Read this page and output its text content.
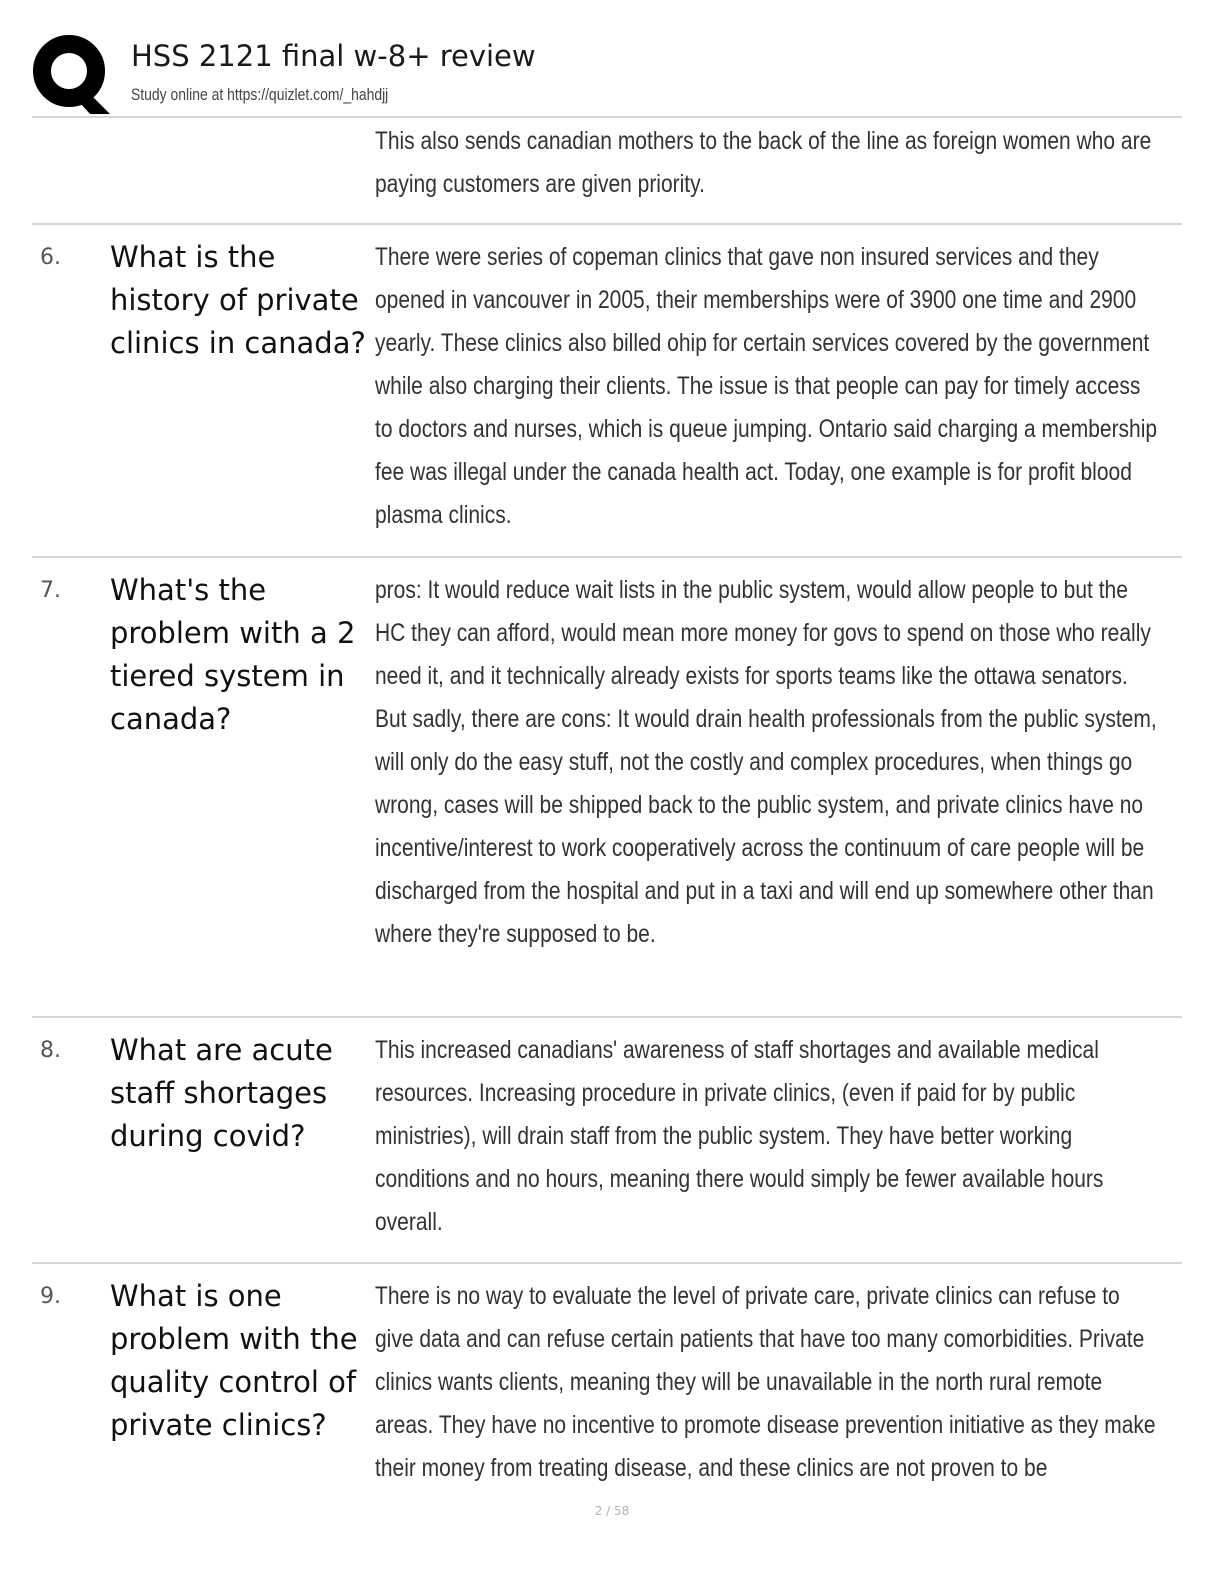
HSS 2121 final w-8+ review
Study online at https://quizlet.com/_hahdjj

This also sends canadian mothers to the back of the line as foreign women who are paying customers are given priority.

6. What is the history of private clinics in canada?

There were series of copeman clinics that gave non insured services and they opened in vancouver in 2005, their memberships were of 3900 one time and 2900 yearly. These clinics also billed ohip for certain services covered by the government while also charging their clients. The issue is that people can pay for timely access to doctors and nurses, which is queue jumping. Ontario said charging a membership fee was illegal under the canada health act. Today, one example is for profit blood plasma clinics.

7. What's the problem with a 2 tiered system in canada?

pros: It would reduce wait lists in the public system, would allow people to but the HC they can afford, would mean more money for govs to spend on those who really need it, and it technically already exists for sports teams like the ottawa senators.

But sadly, there are cons: It would drain health professionals from the public system, will only do the easy stuff, not the costly and complex procedures, when things go wrong, cases will be shipped back to the public system, and private clinics have no incentive/interest to work cooperatively across the continuum of care people will be discharged from the hospital and put in a taxi and will end up somewhere other than where they're supposed to be.

8. What are acute staff shortages during covid?

This increased canadians' awareness of staff shortages and available medical resources. Increasing procedure in private clinics, (even if paid for by public ministries), will drain staff from the public system. They have better working conditions and no hours, meaning there would simply be fewer available hours overall.

9. What is one problem with the quality control of private clinics?

There is no way to evaluate the level of private care, private clinics can refuse to give data and can refuse certain patients that have too many comorbidities. Private clinics wants clients, meaning they will be unavailable in the north rural remote areas. They have no incentive to promote disease prevention initiative as they make their money from treating disease, and these clinics are not proven to be

2 / 58
